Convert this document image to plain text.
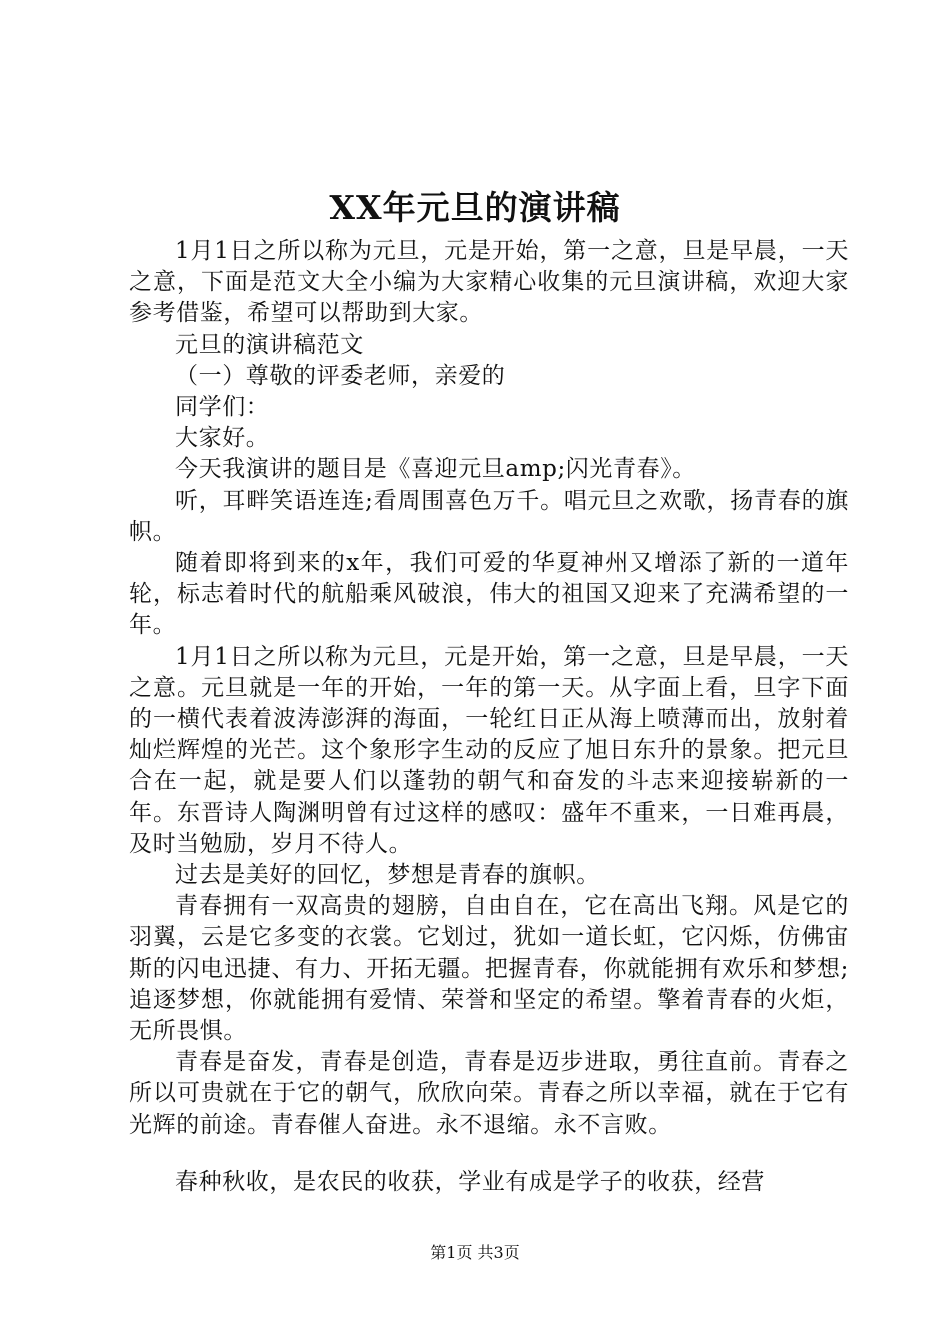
XX年元旦的演讲稿

1月1日之所以称为元旦，元是开始，第一之意，旦是早晨，一天之意，下面是范文大全小编为大家精心收集的元旦演讲稿，欢迎大家参考借鉴，希望可以帮助到大家。

元旦的演讲稿范文

（一）尊敬的评委老师，亲爱的

同学们：

大家好。

今天我演讲的题目是《喜迎元旦amp;闪光青春》。

听，耳畔笑语连连;看周围喜色万千。唱元旦之欢歌，扬青春的旗帜。

随着即将到来的x年，我们可爱的华夏神州又增添了新的一道年轮，标志着时代的航船乘风破浪，伟大的祖国又迎来了充满希望的一年。

1月1日之所以称为元旦，元是开始，第一之意，旦是早晨，一天之意。元旦就是一年的开始，一年的第一天。从字面上看，旦字下面的一横代表着波涛澎湃的海面，一轮红日正从海上喷薄而出，放射着灿烂辉煌的光芒。这个象形字生动的反应了旭日东升的景象。把元旦合在一起，就是要人们以蓬勃的朝气和奋发的斗志来迎接崭新的一年。东晋诗人陶渊明曾有过这样的感叹：盛年不重来，一日难再晨，及时当勉励，岁月不待人。

过去是美好的回忆，梦想是青春的旗帜。

青春拥有一双高贵的翅膀，自由自在，它在高出飞翔。风是它的羽翼，云是它多变的衣裳。它划过，犹如一道长虹，它闪烁，仿佛宙斯的闪电迅捷、有力、开拓无疆。把握青春，你就能拥有欢乐和梦想;追逐梦想，你就能拥有爱情、荣誉和坚定的希望。擎着青春的火炬，无所畏惧。

青春是奋发，青春是创造，青春是迈步进取，勇往直前。青春之所以可贵就在于它的朝气，欣欣向荣。青春之所以幸福，就在于它有光辉的前途。青春催人奋进。永不退缩。永不言败。

春种秋收，是农民的收获，学业有成是学子的收获，经营

第1页 共3页
